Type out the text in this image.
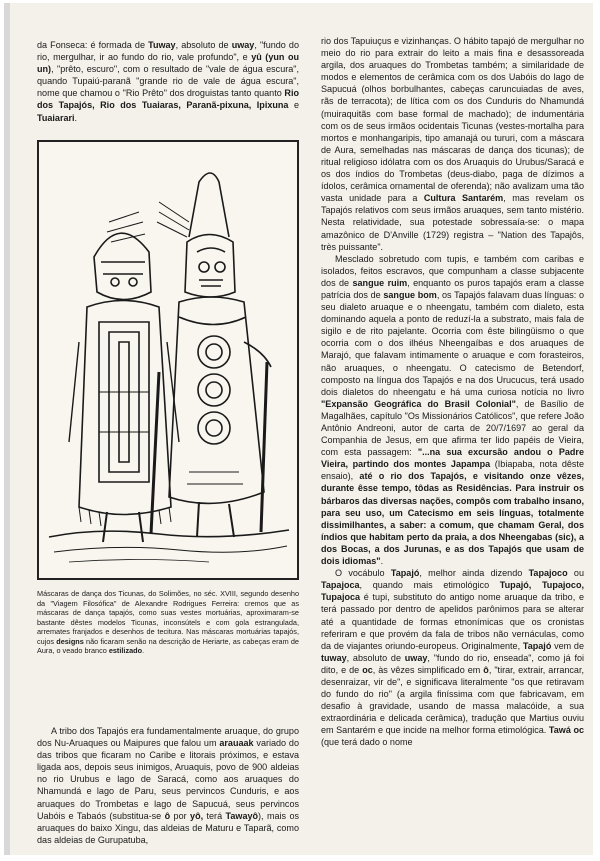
da Fonseca: é formada de Tuway, absoluto de uway, "fundo do rio, mergulhar, ir ao fundo do rio, vale profundo", e yû (yun ou un), "prêto, escuro", com o resultado de "vale de água escura", quando Tupaiú-paranã "grande rio de vale de água escura", nome que chamou o "Rio Prêto" dos droguistas tanto quanto Rio dos Tapajós, Rio dos Tuaiaras, Paranã-pixuna, Ipixuna e Tuaiarari.

Máscaras de dança dos Ticunas, do Solimões, no séc. XVIII, segundo desenho da "Viagem Filosófica" de Alexandre Rodrigues Ferreira: cremos que as máscaras de dança tapajós, como suas vestes mortuárias, aproximaram-se bastante dêstes modelos Ticunas, inconsútels e com gola estrangulada, arremates franjados e desenhos de tecitura. Nas máscaras mortuárias tapajós, cujos designs não ficaram senão na descrição de Heriarte, as cabeças eram de Aura, o veado branco estilizado.

A tribo dos Tapajós era fundamentalmente aruaque, do grupo dos Nu-Aruaques ou Maipures que falou um arauaak variado do das tribos que ficaram no Caribe e litorais próximos, e estava ligada aos, depois seus inimigos, Aruaquis, povo de 900 aldeias no rio Urubus e lago de Saracá, como aos aruaques do Nhamundá e lago de Paru, seus pervincos Cunduris, e aos aruaques do Trombetas e lago de Sapucuá, seus pervincos Uabóis e Tabaós (substitua-se ô por yô, terá Tawayô), mais os aruaques do baixo Xingu, das aldeias de Maturu e Taparã, como das aldeias de Gurupatuba,

rio dos Tapuiuçus e vizinhanças. O hábito tapajó de mergulhar no meio do rio para extrair do leito a mais fina e desassoreada argila, dos aruaques do Trombetas também; a similaridade de modos e elementos de cerâmica com os dos Uabóis do lago de Sapucuá (olhos borbulhantes, cabeças caruncuiadas de aves, rãs de terracota); de lítica com os dos Cunduris do Nhamundá (muiraquitãs com base formal de machado); de indumentária com os de seus irmãos ocidentais Ticunas (vestes-mortalha para mortos e monhangaripis, tipo amanajá ou tururi, com a máscara de Aura, semelhadas nas máscaras de dança dos ticunas); de ritual religioso idólatra com os dos Aruaquis do Urubus/Saracá e os dos índios do Trombetas (deus-diabo, paga de dízimos a ídolos, cerâmica ornamental de oferenda); não avalizam uma tão vasta unidade para a Cultura Santarém, mas revelam os Tapajós relativos com seus irmãos aruaques, sem tanto mistério. Nesta relatividade, sua potestade sobressaía-se: o mapa amazônico de D'Anville (1729) registra – "Nation des Tapajôs, très puissante".

Mesclado sobretudo com tupis, e também com caribas e isolados, feitos escravos, que compunham a classe subjacente dos de sangue ruim, enquanto os puros tapajós eram a classe patrícia dos de sangue bom, os Tapajós falavam duas línguas: o seu dialeto aruaque e o nheengatu, também com dialeto, esta dominando aquela a ponto de reduzí-la a substrato, mais fala de sigilo e de rito pajelante. Ocorria com êste bilingüismo o que ocorria com o dos ilhéus Nheengaíbas e dos aruaques de Marajó, que falavam intimamente o aruaque e com forasteiros, não aruaques, o nheengatu. O catecismo de Betendorf, composto na língua dos Tapajós e na dos Urucucus, terá usado dois dialetos do nheengatu e há uma curiosa notícia no livro "Expansão Geográfica do Brasil Colonial", de Basílio de Magalhães, capítulo "Os Missionários Católicos", que refere João Antônio Andreoni, autor de carta de 20/7/1697 ao geral da Companhia de Jesus, em que afirma ter lido papéis de Vieira, com esta passagem: "...na sua excursão andou o Padre Vieira, partindo dos montes Japampa (Ibiapaba, nota dêste ensaio), até o rio dos Tapajós, e visitando onze vêzes, durante êsse tempo, tôdas as Residências. Para instruir os bárbaros das diversas nações, compôs com trabalho insano, para seu uso, um Catecismo em seis línguas, totalmente dissimilhantes, a saber: a comum, que chamam Geral, dos índios que habitam perto da praia, a dos Nheengabas (sic), a dos Bocas, a dos Jurunas, e as dos Tapajós que usam de dois idiomas".

O vocábulo Tapajó, melhor ainda dizendo Tapajoco ou Tapajoca, quando mais etimológico Tupajó, Tupajoco, Tupajoca é tupi, substituto do antigo nome aruaque da tribo, e terá passado por dentro de apelidos parônimos para se alterar até a quantidade de formas etnonímicas que os cronistas referiram e que provém da fala de tribos não vernáculas, como da de viajantes oriundo-europeus. Originalmente, Tapajó vem de tuway, absoluto de uway, "fundo do rio, enseada", como já foi dito, e de oc, às vêzes simplificado em ô, "tirar, extrair, arrancar, desenraizar, vir de", e significava literalmente "os que retiravam do fundo do rio" (a argila finíssima com que fabricavam, em desafio à gravidade, usando de massa malacóide, a sua extraordinária e delicada cerâmica), tradução que Martius ouviu em Santarém e que incide na melhor forma etimológica. Tawá oc (que terá dado o nome
